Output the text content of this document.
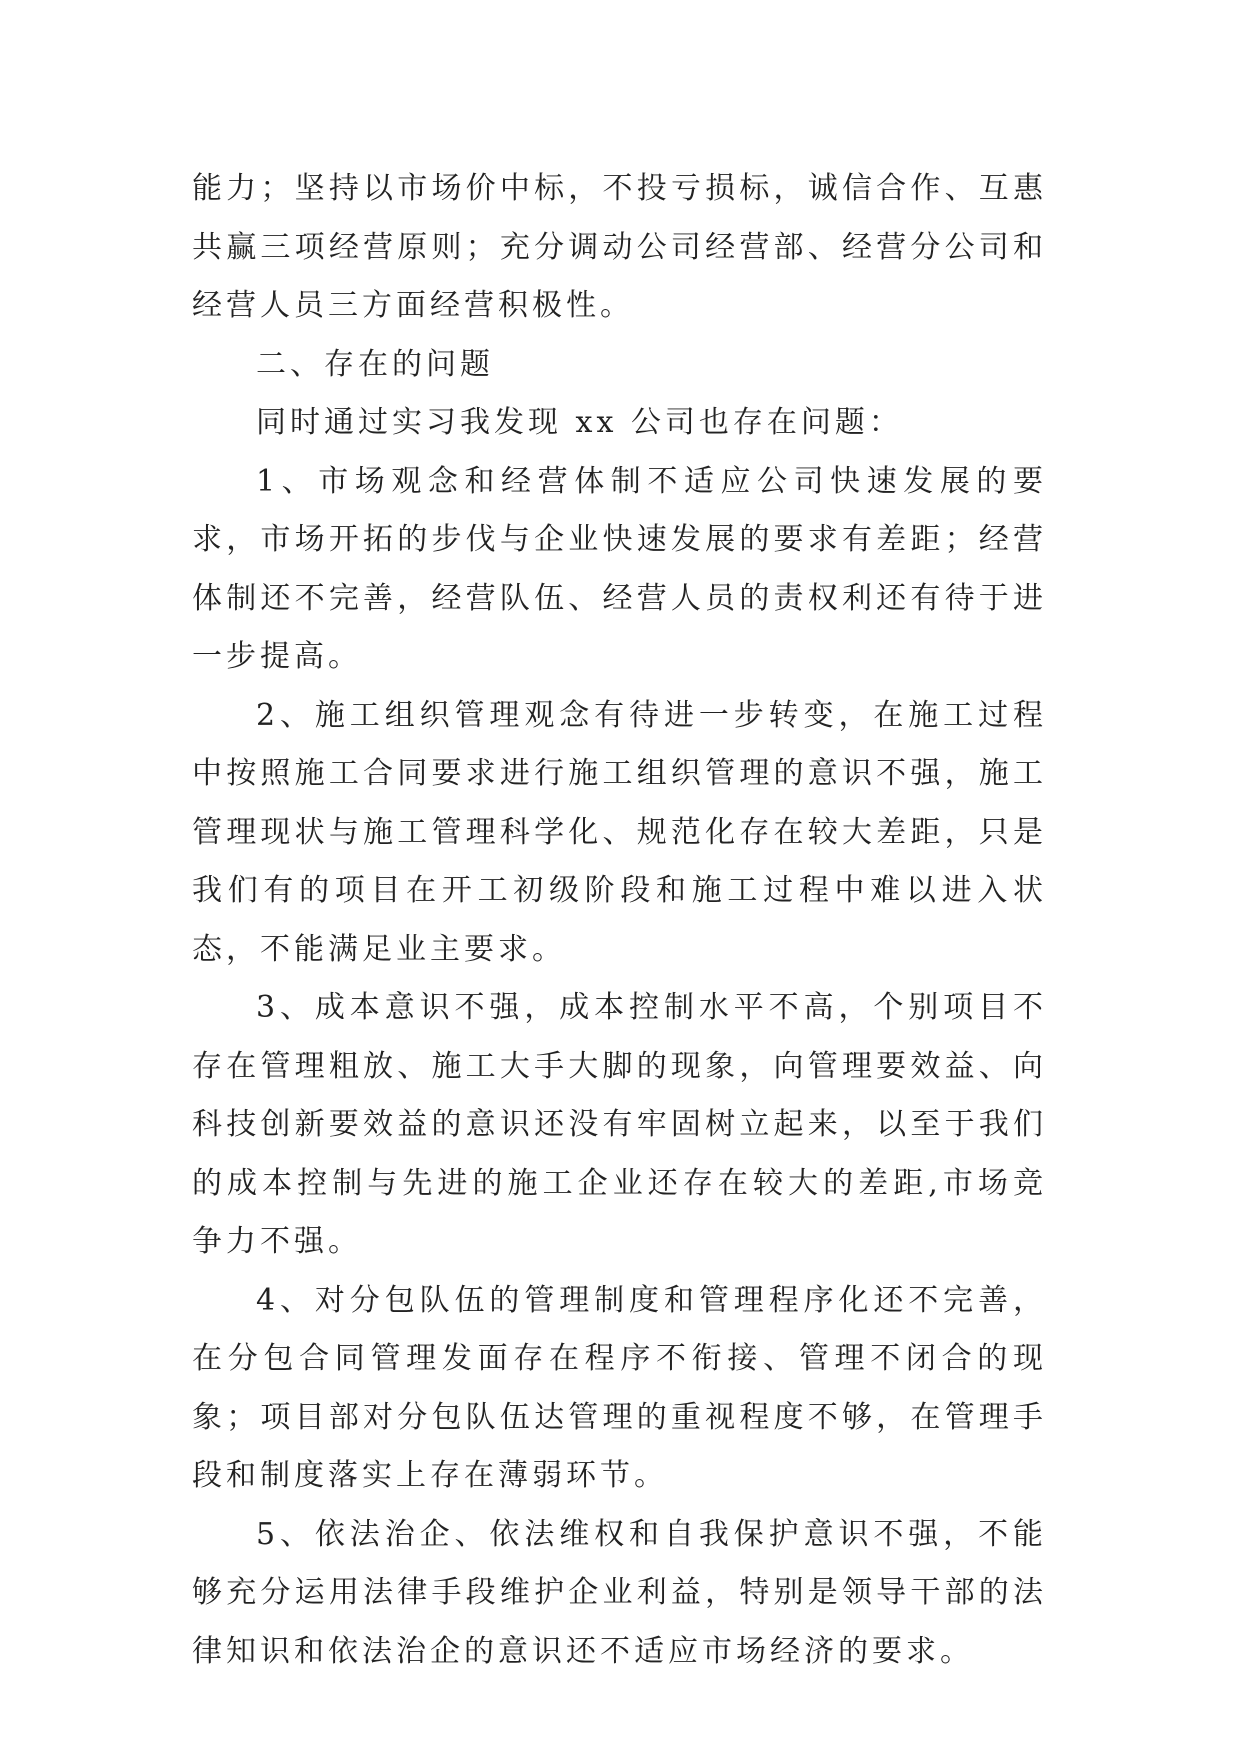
能力；坚持以市场价中标，不投亏损标，诚信合作、互惠共赢三项经营原则；充分调动公司经营部、经营分公司和经营人员三方面经营积极性。

二、存在的问题

同时通过实习我发现 xx 公司也存在问题：

1、市场观念和经营体制不适应公司快速发展的要求，市场开拓的步伐与企业快速发展的要求有差距；经营体制还不完善，经营队伍、经营人员的责权利还有待于进一步提高。

2、施工组织管理观念有待进一步转变，在施工过程中按照施工合同要求进行施工组织管理的意识不强，施工管理现状与施工管理科学化、规范化存在较大差距，只是我们有的项目在开工初级阶段和施工过程中难以进入状态，不能满足业主要求。

3、成本意识不强，成本控制水平不高，个别项目不存在管理粗放、施工大手大脚的现象，向管理要效益、向科技创新要效益的意识还没有牢固树立起来，以至于我们的成本控制与先进的施工企业还存在较大的差距,市场竞争力不强。

4、对分包队伍的管理制度和管理程序化还不完善，在分包合同管理发面存在程序不衔接、管理不闭合的现象；项目部对分包队伍达管理的重视程度不够，在管理手段和制度落实上存在薄弱环节。

5、依法治企、依法维权和自我保护意识不强，不能够充分运用法律手段维护企业利益，特别是领导干部的法律知识和依法治企的意识还不适应市场经济的要求。
